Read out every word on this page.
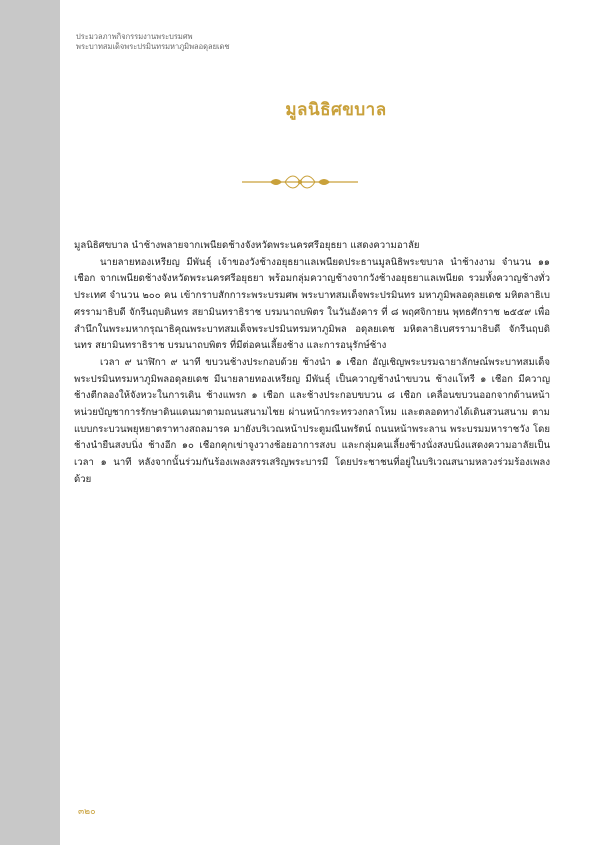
ประมวลภาพกิจกรรมงานพระบรมศพ
พระบาทสมเด็จพระปรมินทรมหาภูมิพลอดุลยเดช
มูลนิธิศขบาล

มูลนิธิศขบาล นำช้างพลายจากเพนียดช้างจังหวัดพระนครศรีอยุธยา แสดงความอาลัย

นายลายทองเหรียญ มีพันธุ์ เจ้าของวังช้างอยุธยาแลเพนียดประธานมูลนิธิพระขบาล นำช้างงาม จำนวน ๑๑ เชือก จากเพนียดช้างจังหวัดพระนครศรีอยุธยา พร้อมกลุ่มควาญช้างจากวังช้างอยุธยาแลเพนียด รวมทั้งควาญช้างทั่วประเทศ จำนวน ๒๐๐ คน เข้ากราบสักการะพระบรมศพ พระบาทสมเด็จพระปรมินทร มหาภูมิพลอดุลยเดช มหิตลาธิเบศรรามาธิบดี จักรีนฤบดินทร สยามินทราธิราช บรมนาถบพิตร ในวันอังคาร ที่ ๘ พฤศจิกายน พุทธศักราช ๒๕๕๙ เพื่อสำนึกในพระมหากรุณาธิคุณพระบาทสมเด็จพระปรมินทรมหาภูมิพล อดุลยเดช มหิตลาธิเบศรรามาธิบดี จักรีนฤบดินทร สยามินทราธิราช บรมนาถบพิตร ที่มีต่อคนเลี้ยงช้าง และการอนุรักษ์ช้าง

เวลา ๙ นาฬิกา ๙ นาที ขบวนช้างประกอบด้วย ช้างนำ ๑ เชือก อัญเชิญพระบรมฉายาลักษณ์พระบาทสมเด็จพระปรมินทรมหาภูมิพลอดุลยเดช มีนายลายทองเหรียญ มีพันธุ์ เป็นควาญช้างนำขบวน ช้างแโทรี ๑ เชือก มีควาญช้างตีกลองให้จังหวะในการเดิน ช้างแพรก ๑ เชือก และช้างประกอบขบวน ๘ เชือก เคลื่อนขบวนออกจากด้านหน้าหน่วยบัญชาการรักษาดินแดนมาตามถนนสนามไชย ผ่านหน้ากระทรวงกลาโหม และตลอดทางได้เดินสวนสนาม ตามแบบกระบวนพยุหยาตราทางสถลมารค มายังบริเวณหน้าประตูมณีนพรัตน์ ถนนหน้าพระลาน พระบรมมหาราชวัง โดยช้างนำยืนสงบนิ่ง ช้างอีก ๑๐ เชือกคุกเข่าจูงวางช้อยอาการสงบ และกลุ่มคนเลี้ยงช้างนั่งสงบนิ่งแสดงความอาลัยเป็นเวลา ๑ นาที หลังจากนั้นร่วมกันร้องเพลงสรรเสริญพระบารมี โดยประชาชนที่อยู่ในบริเวณสนามหลวงร่วมร้องเพลงด้วย

๓๒๐
